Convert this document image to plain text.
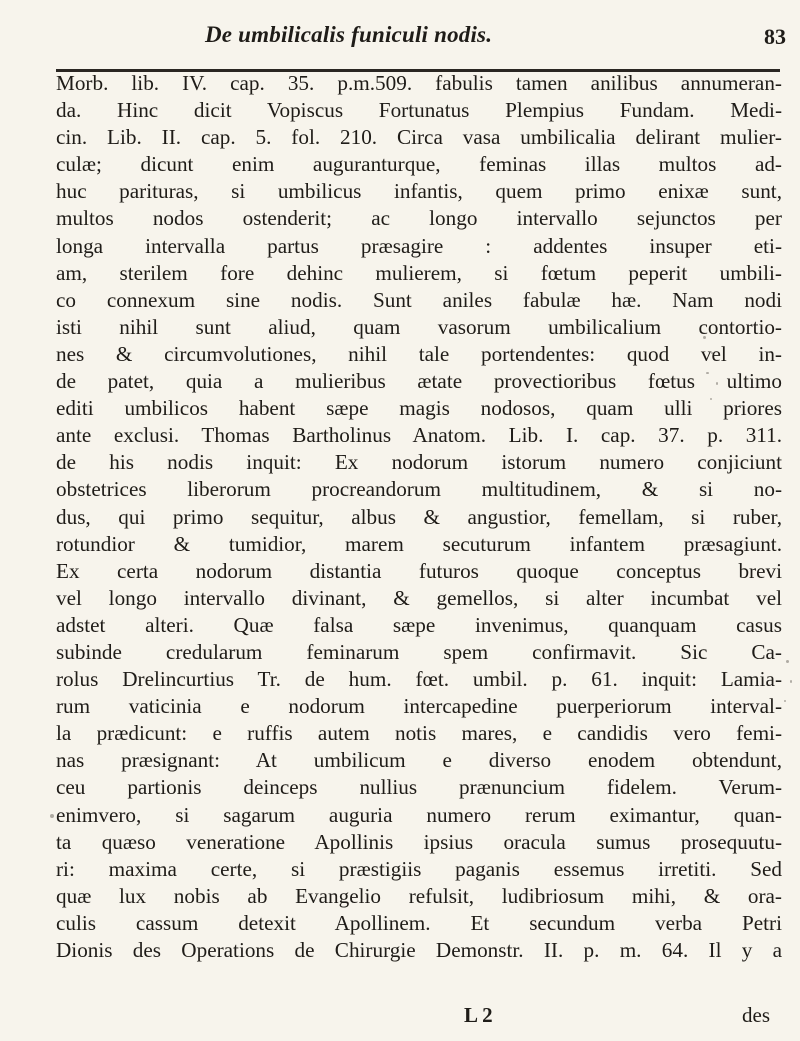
De umbilicalis funiculi nodis.	83
Morb. lib. IV. cap. 35. p.m.509. fabulis tamen anilibus annumeran-
da. Hinc dicit Vopiscus Fortunatus Plempius Fundam. Medi-
cin. Lib. II. cap. 5. fol. 210. Circa vasa umbilicalia delirant mulier-
culæ; dicunt enim auguranturque, feminas illas multos ad-
huc parituras, si umbilicus infantis, quem primo enixæ sunt,
multos nodos ostenderit; ac longo intervallo sejunctos per
longa intervalla partus præsagire : addentes insuper eti-
am, sterilem fore dehinc mulierem, si fœtum peperit umbili-
co connexum sine nodis. Sunt aniles fabulæ hæ. Nam nodi
isti nihil sunt aliud, quam vasorum umbilicalium contortio-
nes & circumvolutiones, nihil tale portendentes: quod vel in-
de patet, quia a mulieribus ætate provectioribus fœtus ultimo
editi umbilicos habent sæpe magis nodosos, quam ulli priores
ante exclusi. Thomas Bartholinus Anatom. Lib. I. cap. 37. p. 311.
de his nodis inquit: Ex nodorum istorum numero conjiciunt
obstetrices liberorum procreandorum multitudinem, & si no-
dus, qui primo sequitur, albus & angustior, femellam, si ruber,
rotundior & tumidior, marem secuturum infantem præsagiunt.
Ex certa nodorum distantia futuros quoque conceptus brevi
vel longo intervallo divinant, & gemellos, si alter incumbat vel
adstet alteri. Quæ falsa sæpe invenimus, quanquam casus
subinde credularum feminarum spem confirmavit. Sic Ca-
rolus Drelincurtius Tr. de hum. fœt. umbil. p. 61. inquit: Lamia-
rum vaticinia e nodorum intercapedine puerperiorum interval-
la prædicunt: e ruffis autem notis mares, e candidis vero femi-
nas præsignant: At umbilicum e diverso enodem obtendunt,
ceu partionis deinceps nullius prænuncium fidelem. Verum-
enimvero, si sagarum auguria numero rerum eximantur, quan-
ta quæso veneratione Apollinis ipsius oracula sumus prosequutu-
ri: maxima certe, si præstigiis paganis essemus irretiti. Sed
quæ lux nobis ab Evangelio refulsit, ludibriosum mihi, & ora-
culis cassum detexit Apollinem. Et secundum verba Petri
Dionis des Operations de Chirurgie Demonstr. II. p. m. 64. Il y a
L 2	des
